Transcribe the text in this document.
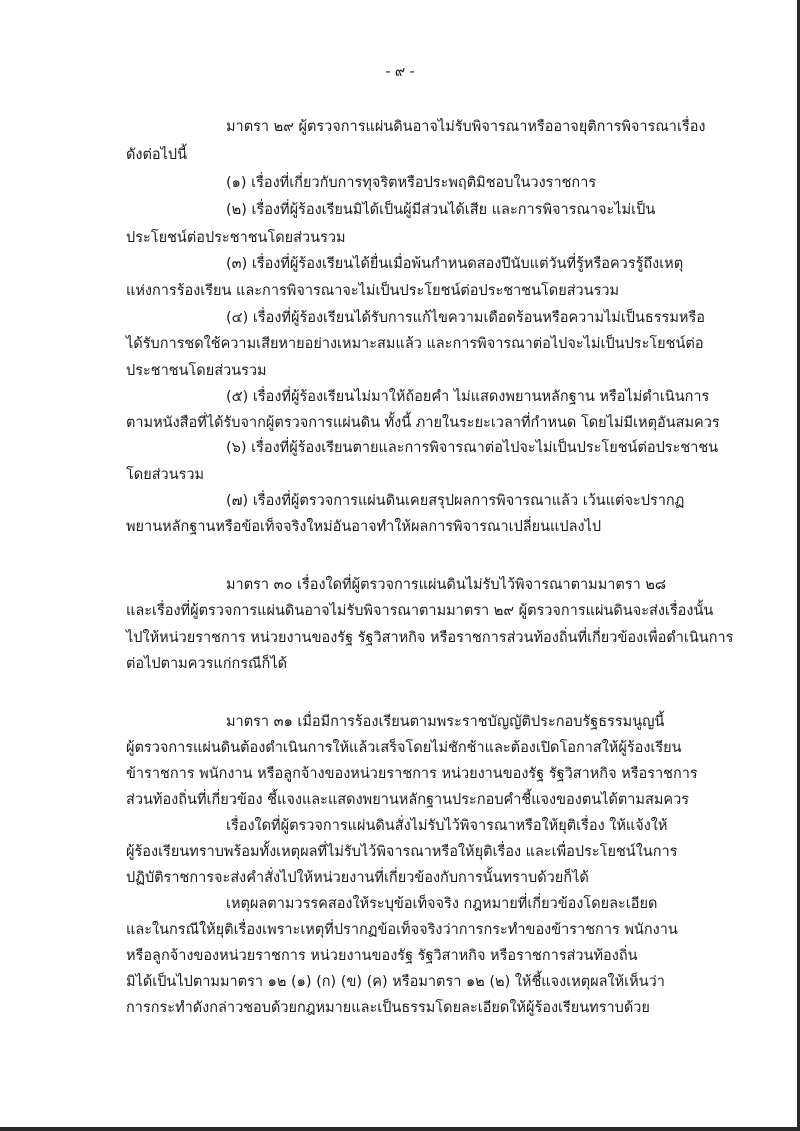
- ๙ -
มาตรา ๒๙ ผู้ตรวจการแผ่นดินอาจไม่รับพิจารณาหรืออาจยุติการพิจารณาเรื่อง
ดังต่อไปนี้
(๑) เรื่องที่เกี่ยวกับการทุจริตหรือประพฤติมิชอบในวงราชการ
(๒) เรื่องที่ผู้ร้องเรียนมิได้เป็นผู้มีส่วนได้เสีย และการพิจารณาจะไม่เป็น
ประโยชน์ต่อประชาชนโดยส่วนรวม
(๓) เรื่องที่ผู้ร้องเรียนได้ยื่นเมื่อพ้นกำหนดสองปีนับแต่วันที่รู้หรือควรรู้ถึงเหตุ
แห่งการร้องเรียน และการพิจารณาจะไม่เป็นประโยชน์ต่อประชาชนโดยส่วนรวม
(๔) เรื่องที่ผู้ร้องเรียนได้รับการแก้ไขความเดือดร้อนหรือความไม่เป็นธรรมหรือ
ได้รับการชดใช้ความเสียหายอย่างเหมาะสมแล้ว และการพิจารณาต่อไปจะไม่เป็นประโยชน์ต่อ
ประชาชนโดยส่วนรวม
(๕) เรื่องที่ผู้ร้องเรียนไม่มาให้ถ้อยคำ ไม่แสดงพยานหลักฐาน หรือไม่ดำเนินการ
ตามหนังสือที่ได้รับจากผู้ตรวจการแผ่นดิน ทั้งนี้ ภายในระยะเวลาที่กำหนด โดยไม่มีเหตุอันสมควร
(๖) เรื่องที่ผู้ร้องเรียนตายและการพิจารณาต่อไปจะไม่เป็นประโยชน์ต่อประชาชน
โดยส่วนรวม
(๗) เรื่องที่ผู้ตรวจการแผ่นดินเคยสรุปผลการพิจารณาแล้ว เว้นแต่จะปรากฏ
พยานหลักฐานหรือข้อเท็จจริงใหม่อันอาจทำให้ผลการพิจารณาเปลี่ยนแปลงไป
มาตรา ๓๐ เรื่องใดที่ผู้ตรวจการแผ่นดินไม่รับไว้พิจารณาตามมาตรา ๒๘
และเรื่องที่ผู้ตรวจการแผ่นดินอาจไม่รับพิจารณาตามมาตรา ๒๙ ผู้ตรวจการแผ่นดินจะส่งเรื่องนั้น
ไปให้หน่วยราชการ หน่วยงานของรัฐ รัฐวิสาหกิจ หรือราชการส่วนท้องถิ่นที่เกี่ยวข้องเพื่อดำเนินการ
ต่อไปตามควรแก่กรณีก็ได้
มาตรา ๓๑ เมื่อมีการร้องเรียนตามพระราชบัญญัติประกอบรัฐธรรมนูญนี้
ผู้ตรวจการแผ่นดินต้องดำเนินการให้แล้วเสร็จโดยไม่ชักช้าและต้องเปิดโอกาสให้ผู้ร้องเรียน
ข้าราชการ พนักงาน หรือลูกจ้างของหน่วยราชการ หน่วยงานของรัฐ รัฐวิสาหกิจ หรือราชการ
ส่วนท้องถิ่นที่เกี่ยวข้อง ชี้แจงและแสดงพยานหลักฐานประกอบคำชี้แจงของตนได้ตามสมควร
เรื่องใดที่ผู้ตรวจการแผ่นดินสั่งไม่รับไว้พิจารณาหรือให้ยุติเรื่อง ให้แจ้งให้
ผู้ร้องเรียนทราบพร้อมทั้งเหตุผลที่ไม่รับไว้พิจารณาหรือให้ยุติเรื่อง และเพื่อประโยชน์ในการ
ปฏิบัติราชการจะส่งคำสั่งไปให้หน่วยงานที่เกี่ยวข้องกับการนั้นทราบด้วยก็ได้
เหตุผลตามวรรคสองให้ระบุข้อเท็จจริง กฎหมายที่เกี่ยวข้องโดยละเอียด
และในกรณีให้ยุติเรื่องเพราะเหตุที่ปรากฏข้อเท็จจริงว่าการกระทำของข้าราชการ พนักงาน
หรือลูกจ้างของหน่วยราชการ หน่วยงานของรัฐ รัฐวิสาหกิจ หรือราชการส่วนท้องถิ่น
มิได้เป็นไปตามมาตรา ๑๒ (๑) (ก) (ข) (ค) หรือมาตรา ๑๒ (๒) ให้ชี้แจงเหตุผลให้เห็นว่า
การกระทำดังกล่าวชอบด้วยกฎหมายและเป็นธรรมโดยละเอียดให้ผู้ร้องเรียนทราบด้วย
